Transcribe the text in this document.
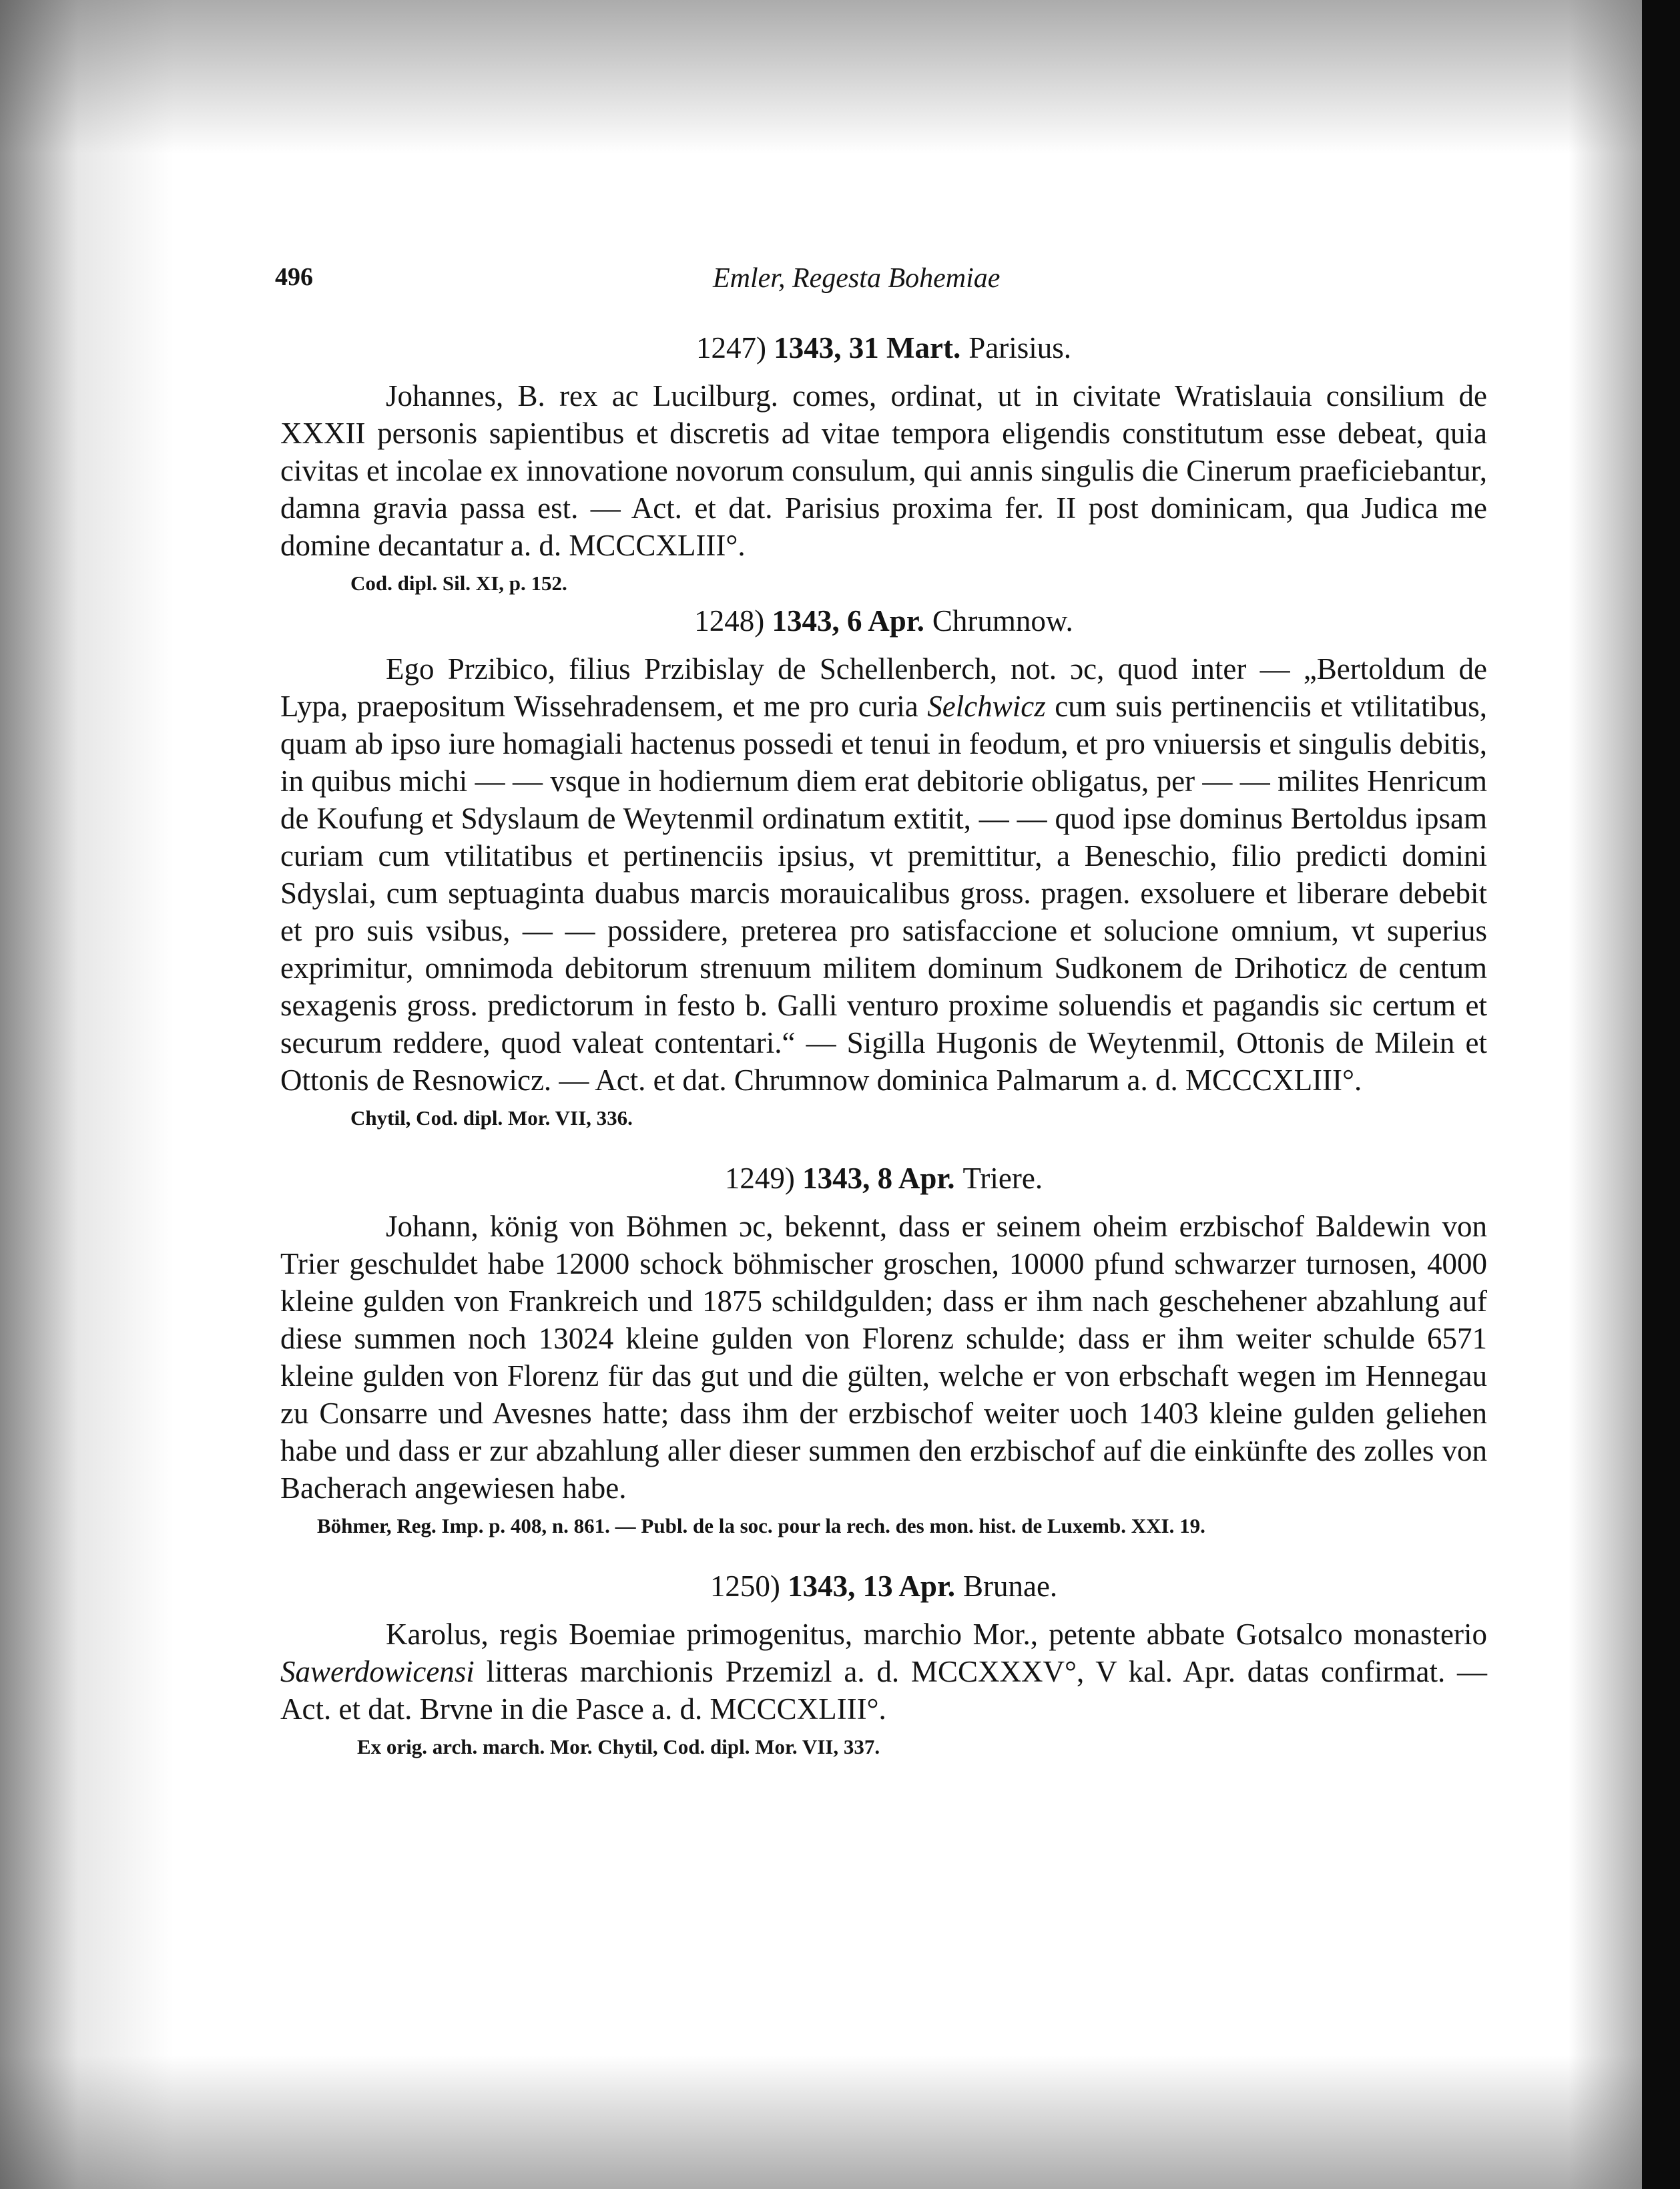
496	Emler, Regesta Bohemiae

1247) 1343, 31 Mart. Parisius.

Johannes, B. rex ac Lucilburg. comes, ordinat, ut in civitate Wratislauia consilium de XXXII personis sapientibus et discretis ad vitae tempora eligendis constitutum esse debeat, quia civitas et incolae ex innovatione novorum consulum, qui annis singulis die Cinerum praeficiebantur, damna gravia passa est. — Act. et dat. Parisius proxima fer. II post dominicam, qua Judica me domine decantatur a. d. MCCCXLIII°.

Cod. dipl. Sil. XI, p. 152.

1248) 1343, 6 Apr. Chrumnow.

Ego Przibico, filius Przibislay de Schellenberch, not. ɔc, quod inter — „Bertoldum de Lypa, praepositum Wissehradensem, et me pro curia Selchwicz cum suis pertinenciis et vtilitatibus, quam ab ipso iure homagiali hactenus possedi et tenui in feodum, et pro vniuersis et singulis debitis, in quibus michi — — vsque in hodiernum diem erat debitorie obligatus, per — — milites Henricum de Koufung et Sdyslaum de Weytenmil ordinatum extitit, — — quod ipse dominus Bertoldus ipsam curiam cum vtilitatibus et pertinenciis ipsius, vt premittitur, a Beneschio, filio predicti domini Sdyslai, cum septuaginta duabus marcis morauicalibus gross. pragen. exsoluere et liberare debebit et pro suis vsibus, — — possidere, preterea pro satisfaccione et solucione omnium, vt superius exprimitur, omnimoda debitorum strenuum militem dominum Sudkonem de Drihoticz de centum sexagenis gross. predictorum in festo b. Galli venturo proxime soluendis et pagandis sic certum et securum reddere, quod valeat contentari.“ — Sigilla Hugonis de Weytenmil, Ottonis de Milein et Ottonis de Resnowicz. — Act. et dat. Chrumnow dominica Palmarum a. d. MCCCXLIII°.

Chytil, Cod. dipl. Mor. VII, 336.

1249) 1343, 8 Apr. Triere.

Johann, könig von Böhmen ɔc, bekennt, dass er seinem oheim erzbischof Baldewin von Trier geschuldet habe 12000 schock böhmischer groschen, 10000 pfund schwarzer turnosen, 4000 kleine gulden von Frankreich und 1875 schildgulden; dass er ihm nach geschehener abzahlung auf diese summen noch 13024 kleine gulden von Florenz schulde; dass er ihm weiter schulde 6571 kleine gulden von Florenz für das gut und die gülten, welche er von erbschaft wegen im Hennegau zu Consarre und Avesnes hatte; dass ihm der erzbischof weiter uoch 1403 kleine gulden geliehen habe und dass er zur abzahlung aller dieser summen den erzbischof auf die einkünfte des zolles von Bacherach angewiesen habe.

Böhmer, Reg. Imp. p. 408, n. 861. — Publ. de la soc. pour la rech. des mon. hist. de Luxemb. XXI. 19.

1250) 1343, 13 Apr. Brunae.

Karolus, regis Boemiae primogenitus, marchio Mor., petente abbate Gotsalco monasterio Sawerdowicensi litteras marchionis Przemizl a. d. MCCXXXV°, V kal. Apr. datas confirmat. — Act. et dat. Brvne in die Pasce a. d. MCCCXLIII°.

Ex orig. arch. march. Mor. Chytil, Cod. dipl. Mor. VII, 337.
